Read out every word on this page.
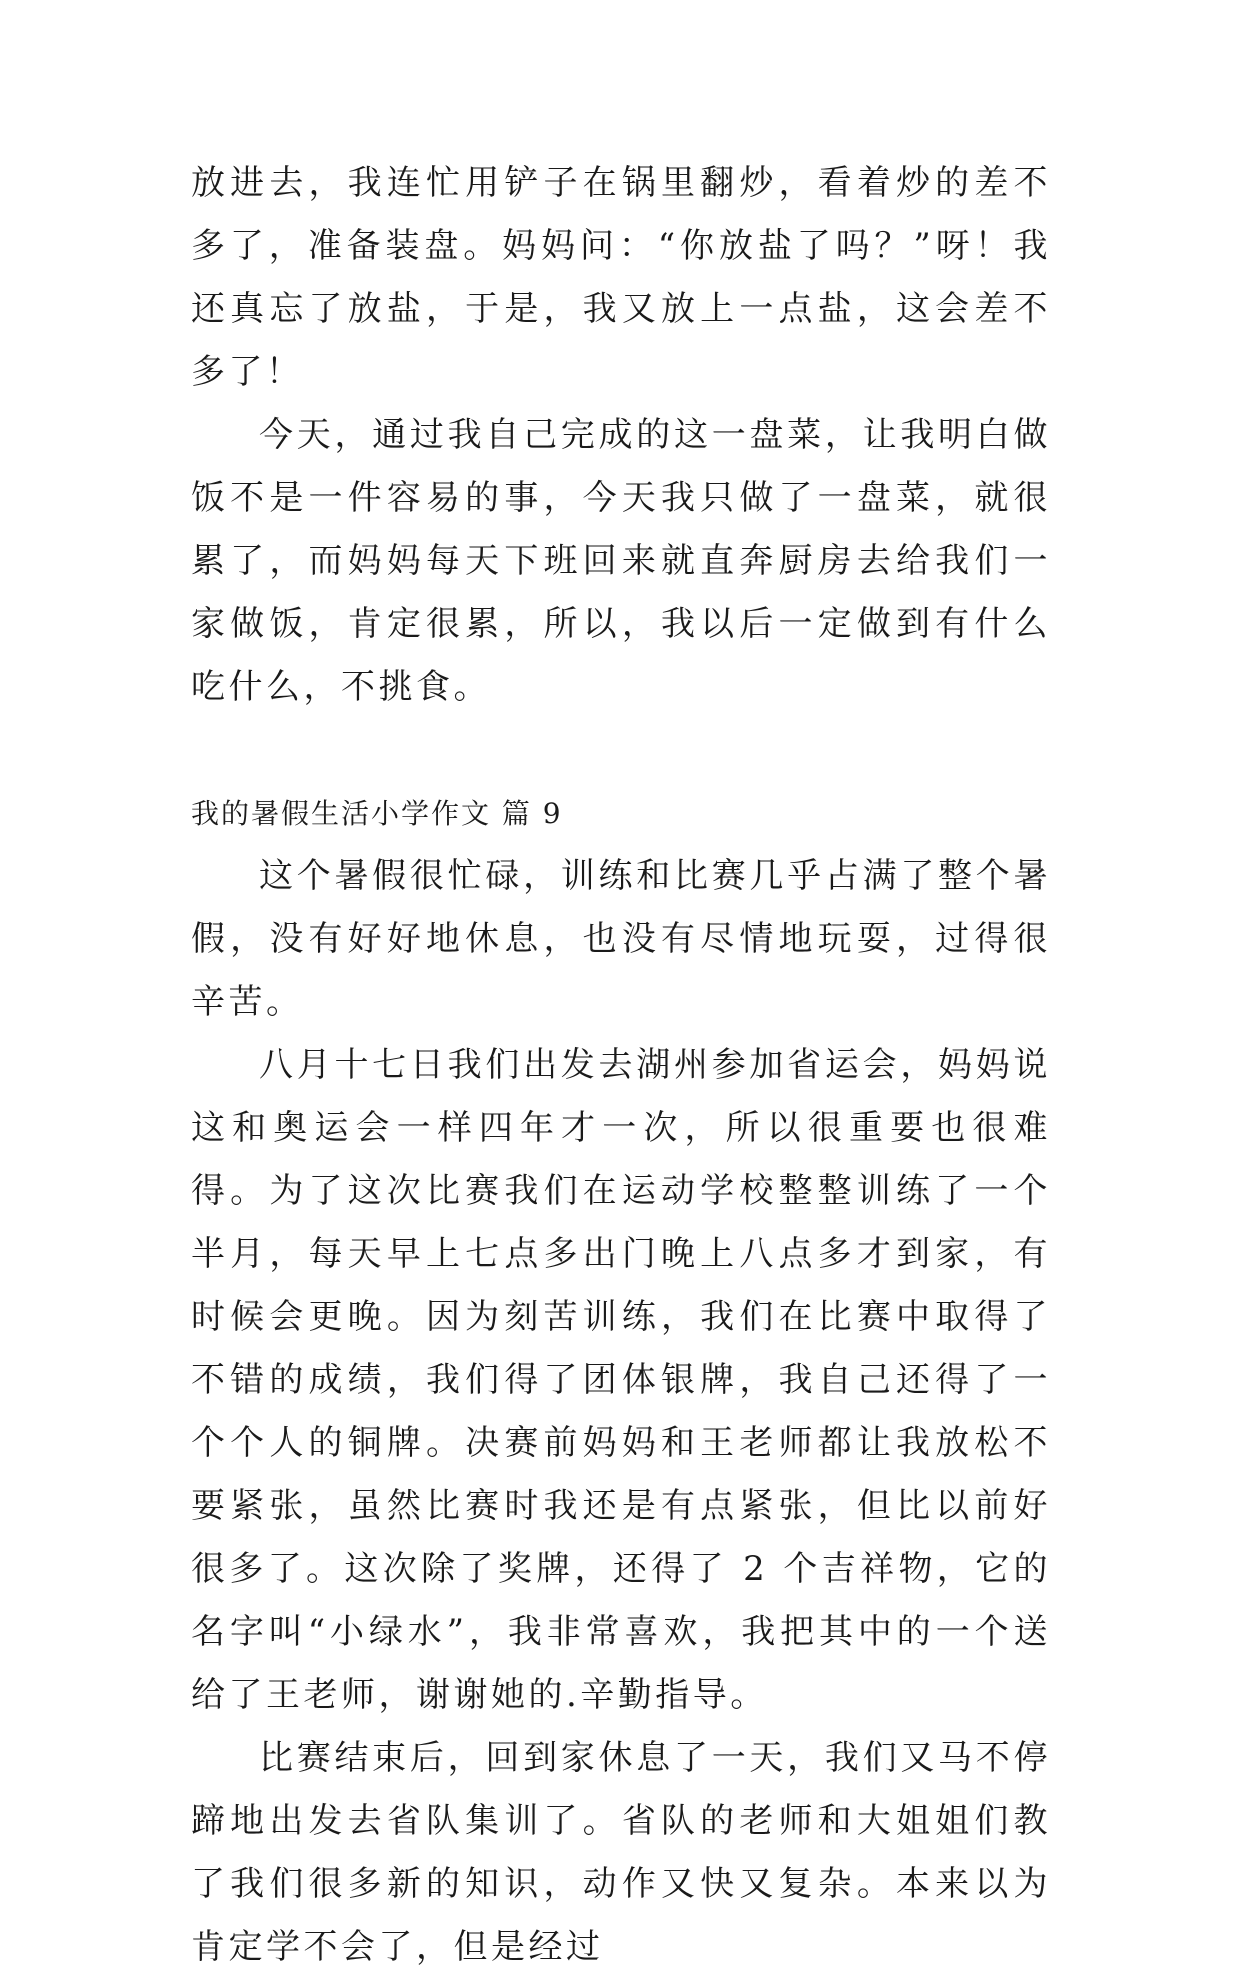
放进去，我连忙用铲子在锅里翻炒，看着炒的差不多了，准备装盘。妈妈问：“你放盐了吗？”呀！我还真忘了放盐，于是，我又放上一点盐，这会差不多了！

今天，通过我自己完成的这一盘菜，让我明白做饭不是一件容易的事，今天我只做了一盘菜，就很累了，而妈妈每天下班回来就直奔厨房去给我们一家做饭，肯定很累，所以，我以后一定做到有什么吃什么，不挑食。

我的暑假生活小学作文 篇 9

这个暑假很忙碌，训练和比赛几乎占满了整个暑假，没有好好地休息，也没有尽情地玩耍，过得很辛苦。

八月十七日我们出发去湖州参加省运会，妈妈说这和奥运会一样四年才一次，所以很重要也很难得。为了这次比赛我们在运动学校整整训练了一个半月，每天早上七点多出门晚上八点多才到家，有时候会更晚。因为刻苦训练，我们在比赛中取得了不错的成绩，我们得了团体银牌，我自己还得了一个个人的铜牌。决赛前妈妈和王老师都让我放松不要紧张，虽然比赛时我还是有点紧张，但比以前好很多了。这次除了奖牌，还得了 2 个吉祥物，它的名字叫“小绿水”，我非常喜欢，我把其中的一个送给了王老师，谢谢她的.辛勤指导。

比赛结束后，回到家休息了一天，我们又马不停蹄地出发去省队集训了。省队的老师和大姐姐们教了我们很多新的知识，动作又快又复杂。本来以为肯定学不会了，但是经过
